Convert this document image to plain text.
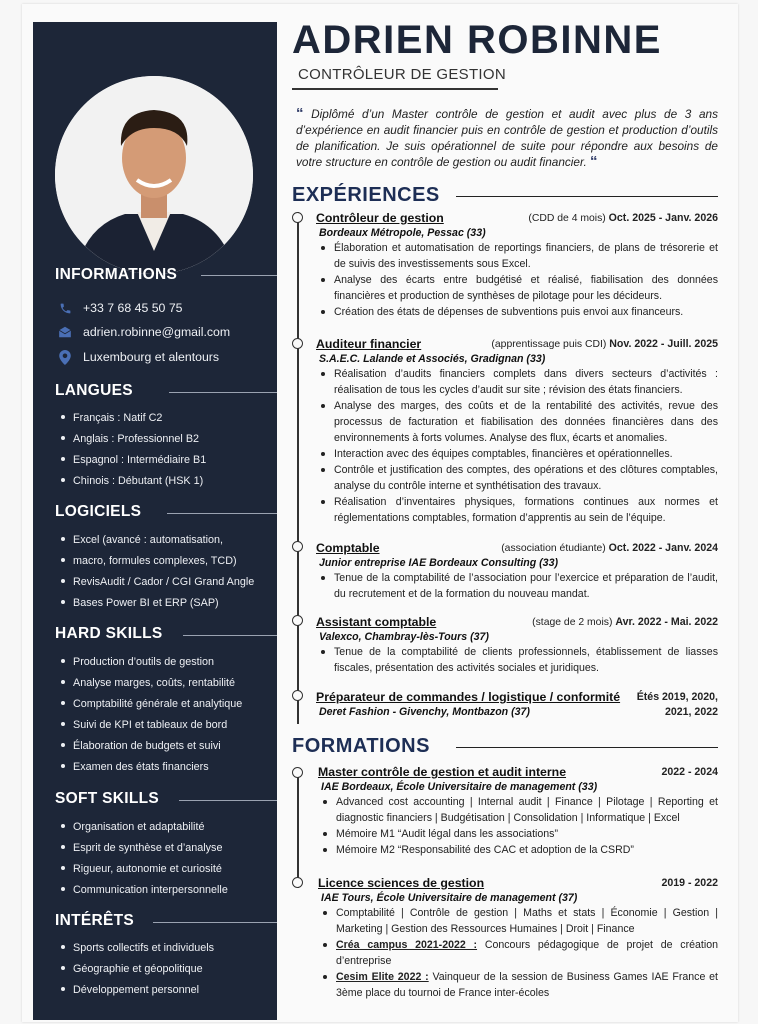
INFORMATIONS
+33 7 68 45 50 75
adrien.robinne@gmail.com
Luxembourg et alentours
LANGUES
Français : Natif C2
Anglais : Professionnel B2
Espagnol : Intermédiaire B1
Chinois : Débutant (HSK 1)
LOGICIELS
Excel (avancé : automatisation,
macro, formules complexes, TCD)
RevisAudit / Cador / CGI Grand Angle
Bases Power BI et ERP (SAP)
HARD SKILLS
Production d’outils de gestion
Analyse marges, coûts, rentabilité
Comptabilité générale et analytique
Suivi de KPI et tableaux de bord
Élaboration de budgets et suivi
Examen des états financiers
SOFT SKILLS
Organisation et adaptabilité
Esprit de synthèse et d’analyse
Rigueur, autonomie et curiosité
Communication interpersonnelle
INTÉRÊTS
Sports collectifs et individuels
Géographie et géopolitique
Développement personnel
ADRIEN ROBINNE
CONTRÔLEUR DE GESTION
“ Diplômé d’un Master contrôle de gestion et audit avec plus de 3 ans d’expérience en audit financier puis en contrôle de gestion et production d’outils de planification. Je suis opérationnel de suite pour répondre aux besoins de votre structure en contrôle de gestion ou audit financier. “
EXPÉRIENCES
Contrôleur de gestion	(CDD de 4 mois) Oct. 2025 - Janv. 2026
Bordeaux Métropole, Pessac (33)
Élaboration et automatisation de reportings financiers, de plans de trésorerie et de suivis des investissements sous Excel.
Analyse des écarts entre budgétisé et réalisé, fiabilisation des données financières et production de synthèses de pilotage pour les décideurs.
Création des états de dépenses de subventions puis envoi aux financeurs.
Auditeur financier	(apprentissage puis CDI) Nov. 2022 - Juill. 2025
S.A.E.C. Lalande et Associés, Gradignan (33)
Réalisation d’audits financiers complets dans divers secteurs d’activités : réalisation de tous les cycles d’audit sur site ; révision des états financiers.
Analyse des marges, des coûts et de la rentabilité des activités, revue des processus de facturation et fiabilisation des données financières dans des environnements à forts volumes. Analyse des flux, écarts et anomalies.
Interaction avec des équipes comptables, financières et opérationnelles.
Contrôle et justification des comptes, des opérations et des clôtures comptables, analyse du contrôle interne et synthétisation des travaux.
Réalisation d’inventaires physiques, formations continues aux normes et réglementations comptables, formation d’apprentis au sein de l’équipe.
Comptable	(association étudiante) Oct. 2022 - Janv. 2024
Junior entreprise IAE Bordeaux Consulting (33)
Tenue de la comptabilité de l’association pour l’exercice et préparation de l’audit, du recrutement et de la formation du nouveau mandat.
Assistant comptable	(stage de 2 mois) Avr. 2022 - Mai. 2022
Valexco, Chambray-lès-Tours (37)
Tenue de la comptabilité de clients professionnels, établissement de liasses fiscales, présentation des activités sociales et juridiques.
Préparateur de commandes / logistique / conformité Étés 2019, 2020,
Deret Fashion - Givenchy, Montbazon (37)	2021, 2022
FORMATIONS
Master contrôle de gestion et audit interne	2022 - 2024
IAE Bordeaux, École Universitaire de management (33)
Advanced cost accounting | Internal audit | Finance | Pilotage | Reporting et diagnostic financiers | Budgétisation | Consolidation | Informatique | Excel
Mémoire M1 “Audit légal dans les associations”
Mémoire M2 “Responsabilité des CAC et adoption de la CSRD”
Licence sciences de gestion	2019 - 2022
IAE Tours, École Universitaire de management (37)
Comptabilité | Contrôle de gestion | Maths et stats | Économie | Gestion | Marketing | Gestion des Ressources Humaines | Droit | Finance
Créa campus 2021-2022 : Concours pédagogique de projet de création d’entreprise
Cesim Elite 2022 : Vainqueur de la session de Business Games IAE France et 3ème place du tournoi de France inter-écoles
